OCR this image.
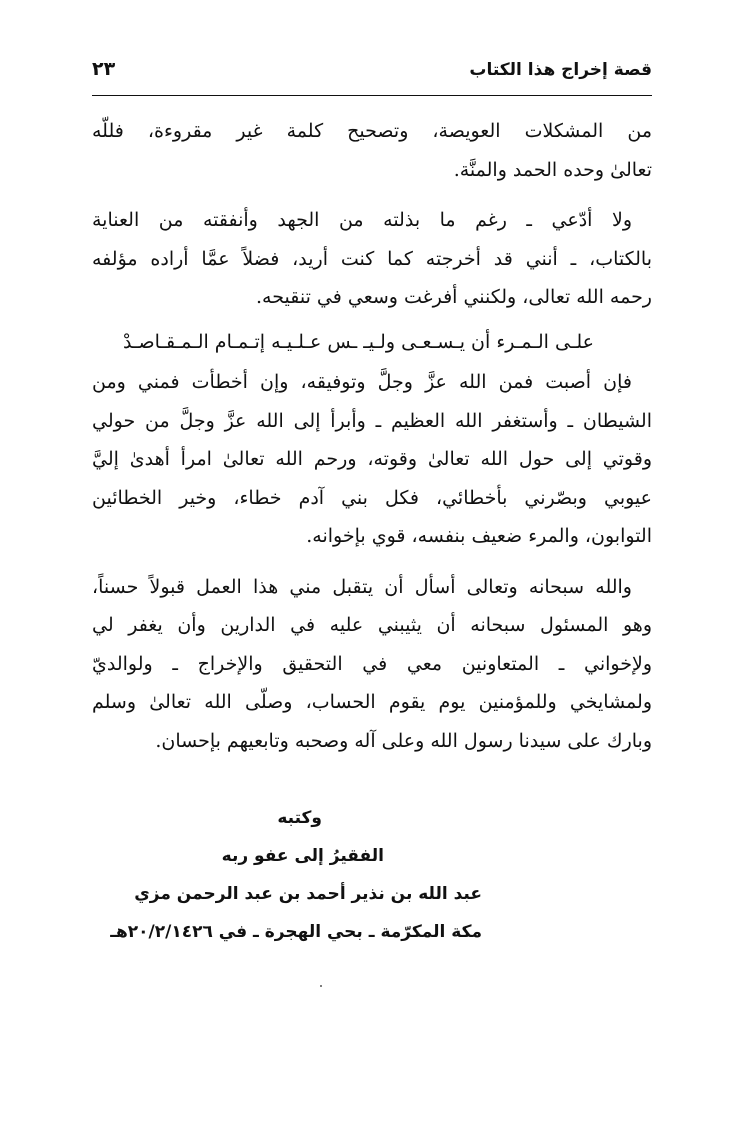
قصة إخراج هذا الكتاب
٢٣

من المشكلات العويصة، وتصحيح كلمة غير مقروءة، فللّه
تعالىٰ وحده الحمد والمنَّة.

ولا أدّعي ـ رغم ما بذلته من الجهد وأنفقته من العناية
بالكتاب، ـ أنني قد أخرجته كما كنت أريد، فضلاً عمَّا أراده مؤلفه
رحمه الله تعالى، ولكنني أفرغت وسعي في تنقيحه.

علـى الـمـرء أن يـسـعـى ولـيـ ـس عـلـيـه إتـمـام الـمـقـاصـدْ

فإن أصبت فمن الله عزَّ وجلَّ وتوفيقه، وإن أخطأت فمني ومن
الشيطان ـ وأستغفر الله العظيم ـ وأبرأ إلى الله عزَّ وجلَّ من حولي
وقوتي إلى حول الله تعالىٰ وقوته، ورحم الله تعالىٰ امرأ أهدىٰ إليَّ
عيوبي وبصّرني بأخطائي، فكل بني آدم خطاء، وخير الخطائين
التوابون، والمرء ضعيف بنفسه، قوي بإخوانه.

والله سبحانه وتعالى أسأل أن يتقبل مني هذا العمل قبولاً حسناً،
وهو المسئول سبحانه أن يثيبني عليه في الدارين وأن يغفر لي
ولإخواني ـ المتعاونين معي في التحقيق والإخراج ـ ولوالديّ
ولمشايخي وللمؤمنين يوم يقوم الحساب، وصلّى الله تعالىٰ وسلم
وبارك على سيدنا رسول الله وعلى آله وصحبه وتابعيهم بإحسان.

وكتبه
الفقيرُ إلى عفو ربه
عبد الله بن نذير أحمد بن عبد الرحمن مزي
مكة المكرّمة ـ بحي الهجرة ـ في ٢٠/٢/١٤٢٦هـ
